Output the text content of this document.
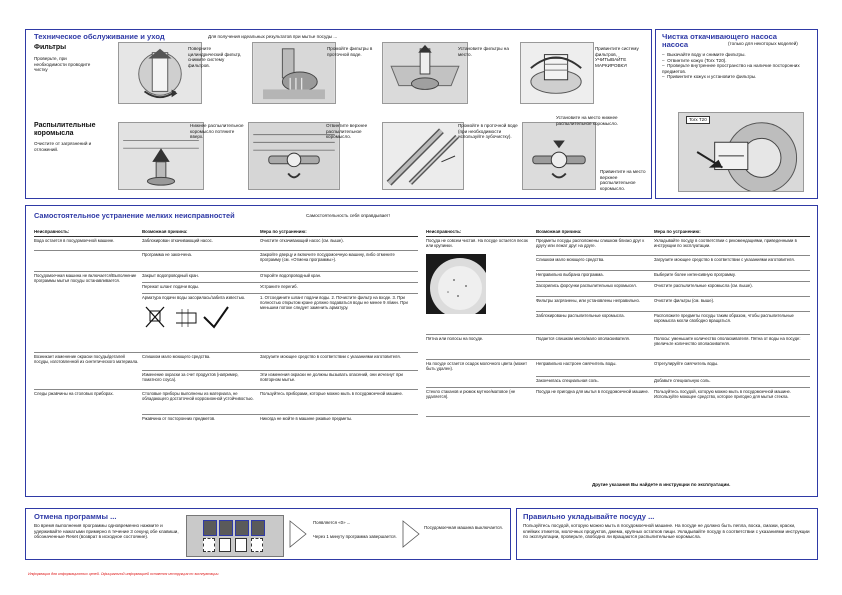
Техническое обслуживание и уход	Для получения идеальных результатов при мытье посуды ...
Фильтры
Проверьте, при необходимости проводите чистку
Поверните цилиндрический фильтр, снимите систему фильтров.
Промойте фильтры в проточной воде.
Установите фильтры на место.
Привинтите систему фильтров, УЧИТЫВАЙТЕ МАРКИРОВКУ!
Распылительные коромысла
Очистите от загрязнений и отложений.
Нижнее распылительное коромысло потяните вверх.
Отвинтите верхнее распылительное коромысло.
Промойте в проточной воде (при необходимости используйте зубочистку).
Установите на место нижнее распылительное коромысло.
Привинтите на место верхнее распылительное коромысло.
Чистка откачивающего насоса
(только для некоторых моделей)
насоса
–  Выкачайте воду и снимите фильтры.
–  Отвинтите кожух (Torx T20).
–  Проверьте внутреннее пространство на наличие посторонних предметов.
–  Привинтите кожух и установите фильтры.
Torx T20
Самостоятельное устранение мелких неисправностей	Самостоятельность себя оправдывает!
Неисправность:	Возможная причина:	Мера по устранению:
Вода остается в посудомоечной машине.	Заблокирован откачивающий насос.	Очистите откачивающий насос (см. выше).
	Программа не закончена.	Закройте дверцу и включите посудомоечную машину, либо отмените программу (см. «Отмена программы»).
Посудомоечная машина не включается/Выполнение программы мытья посуды останавливается.	Закрыт водопроводный кран.	Откройте водопроводный кран.
	Пережат шланг подачи воды.	Устраните перегиб.

	Арматура подачи воды засорилась/забита известью.	1. Отсоедините шланг подачи воды. 2. Почистите фильтр на входе. 3. При полностью открытом кране должно подаваться воды не менее 9 л/мин. При меньшем потоке следует заменить арматуру.
Возникает изменение окраски посуды/деталей посуды, изготовленной из синтетического материала.	Слишком мало моющего средства.	Загрузите моющее средство в соответствии с указаниями изготовителя.
	Изменение окраски за счет продуктов (например, томатного соуса).	Эти изменения окраски не должны вызывать опасений, они исчезнут при повторном мытье.
Следы ржавчины на столовых приборах.	Столовые приборы выполнены из материала, не обладающего достаточной коррозионной устойчивостью.	Пользуйтесь приборами, которые можно мыть в посудомоечной машине.
	Ржавчина от посторонних предметов.	Никогда не мойте в машине ржавые предметы.
Неисправность:	Возможная причина:	Мера по устранению:

Посуда не совсем чистая. На посуде остается песок или крупинки.	Предметы посуды расположены слишком близко друг к другу или лежат друг на друге.	Укладывайте посуду в соответствии с рекомендациями, приведенными в инструкции по эксплуатации.
	Слишком мало моющего средства.	Загрузите моющее средство в соответствии с указаниями изготовителя.
	Неправильно выбрана программа.	Выберите более интенсивную программу.
	Засорились форсунки распылительных коромысел.	Очистите распылительные коромысла (см. выше).
	Фильтры загрязнены, или установлены неправильно.	Очистите фильтры (см. выше).
	Заблокированы распылительные коромысла.	Расположите предметы посуды таким образом, чтобы распылительные коромысла могли свободно вращаться.
Пятна или полосы на посуде.	Подается слишком много/мало ополаскивателя.	Полосы: уменьшите количество ополаскивателя. Пятна от воды на посуде: увеличьте количество ополаскивателя.
На посуде остается осадок молочного цвета (может быть удален).	Неправильно настроен смягчитель воды.	Отрегулируйте смягчитель воды.
	Закончилась специальная соль.	Добавьте специальную соль.
Стекло стаканов и рюмок мутное/матовое (не удаляется).	Посуда не пригодна для мытья в посудомоечной машине.	Пользуйтесь посудой, которую можно мыть в посудомоечной машине. Используйте моющее средство, которое пригодно для мытья стекла.
Другие указания Вы найдете в инструкции по эксплуатации.
Отмена программы ...
Во время выполнения программы одновременно нажмите и удерживайте нажатыми примерно в течение 3 секунд обе клавиши, обозначенные Reset (возврат в исходное состояние).
Появляется «0» ...
Через 1 минуту программа завершается.
Посудомоечная машина выключается.
Правильно укладывайте посуду ...
Пользуйтесь посудой, которую можно мыть в посудомоечной машине. На посуде не должно быть пепла, воска, смазки, краски, клейких этикеток, молочных продуктов, джема, крупных остатков пищи. Укладывайте посуду в соответствии с указаниями инструкции по эксплуатации, проверьте, свободно ли вращаются распылительные коромысла.
Информация для информационных целей. Официальной информацией остается инструкция по эксплуатации.
